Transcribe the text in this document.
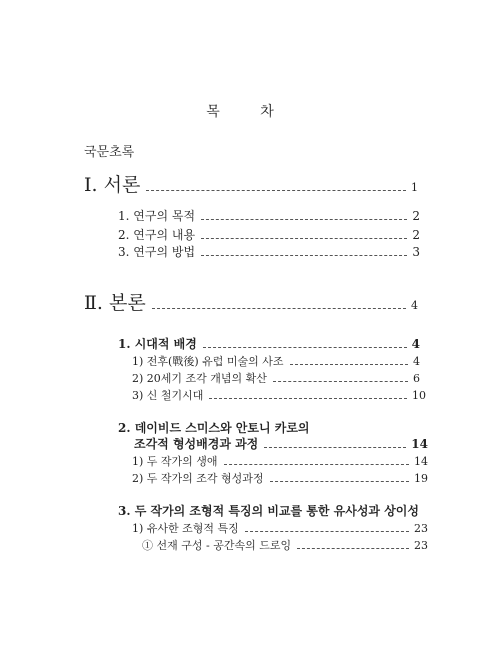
목 차
국문초록
Ⅰ. 서론	1
1. 연구의 목적	2
2. 연구의 내용	2
3. 연구의 방법	3
Ⅱ. 본론	4
1. 시대적 배경	4
1) 전후(戰後) 유럽 미술의 사조	4
2) 20세기 조각 개념의 확산	6
3) 신 철기시대	10
2. 데이비드 스미스와 안토니 카로의
조각적 형성배경과 과정	14
1) 두 작가의 생애	14
2) 두 작가의 조각 형성과정	19
3. 두 작가의 조형적 특징의 비교를 통한 유사성과 상이성
1) 유사한 조형적 특징	23
① 선재 구성 - 공간속의 드로잉	23
